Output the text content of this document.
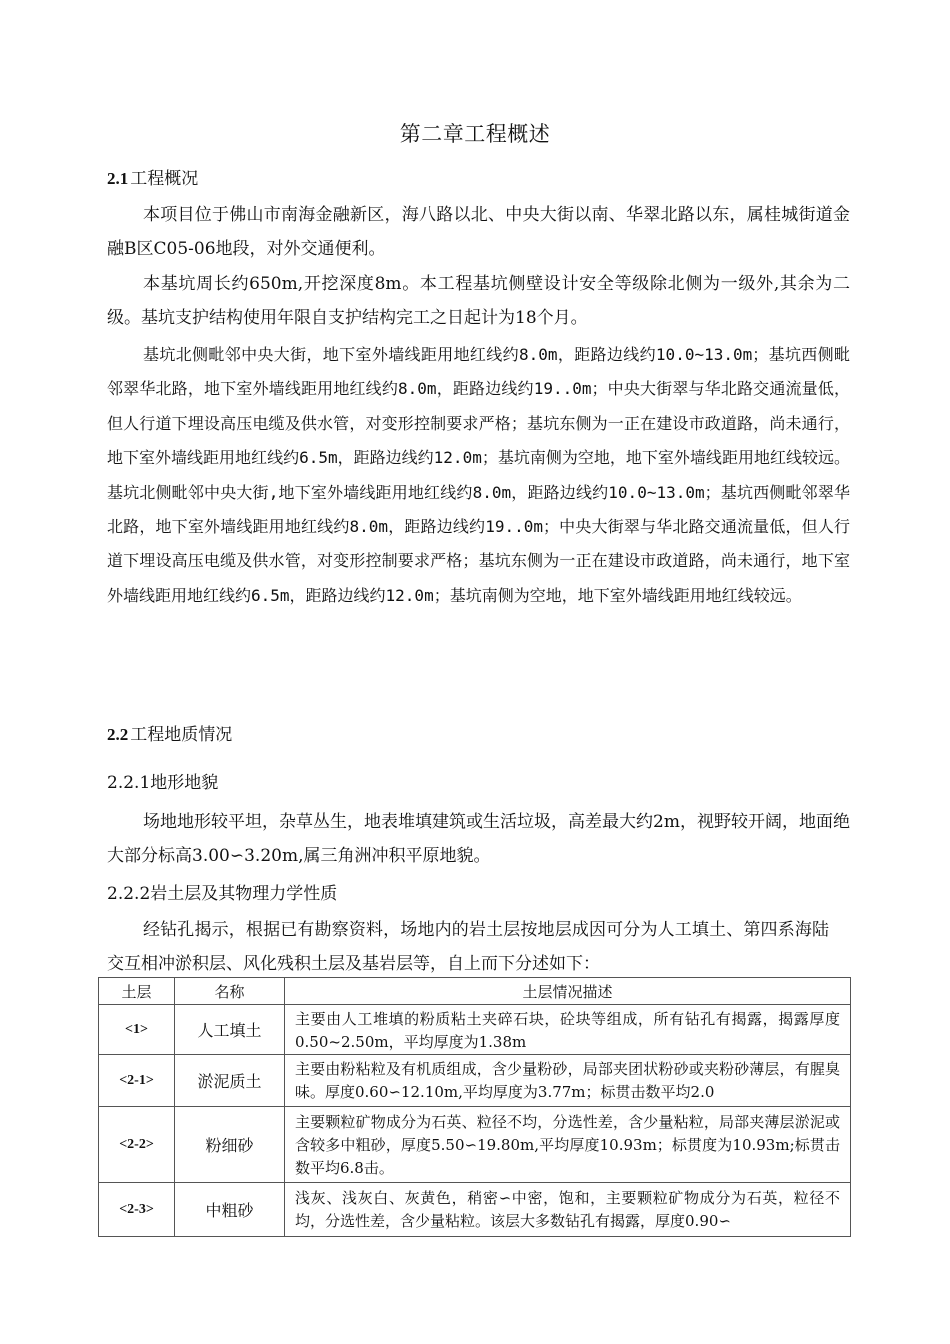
第二章工程概述
2.1 工程概况
本项目位于佛山市南海金融新区，海八路以北、中央大街以南、华翠北路以东，属桂城街道金融B区C05-06地段，对外交通便利。
本基坑周长约650m,开挖深度8m。本工程基坑侧壁设计安全等级除北侧为一级外,其余为二级。基坑支护结构使用年限自支护结构完工之日起计为18个月。
基坑北侧毗邻中央大街，地下室外墙线距用地红线约8.0m，距路边线约10.0~13.0m；基坑西侧毗邻翠华北路，地下室外墙线距用地红线约8.0m，距路边线约19..0m；中央大街翠与华北路交通流量低，但人行道下埋设高压电缆及供水管，对变形控制要求严格；基坑东侧为一正在建设市政道路，尚未通行，地下室外墙线距用地红线约6.5m，距路边线约12.0m；基坑南侧为空地，地下室外墙线距用地红线较远。基坑北侧毗邻中央大街,地下室外墙线距用地红线约8.0m，距路边线约10.0~13.0m；基坑西侧毗邻翠华北路，地下室外墙线距用地红线约8.0m，距路边线约19..0m；中央大街翠与华北路交通流量低，但人行道下埋设高压电缆及供水管，对变形控制要求严格；基坑东侧为一正在建设市政道路，尚未通行，地下室外墙线距用地红线约6.5m，距路边线约12.0m；基坑南侧为空地，地下室外墙线距用地红线较远。
2.2 工程地质情况
2.2.1地形地貌
场地地形较平坦，杂草丛生，地表堆填建筑或生活垃圾，高差最大约2m，视野较开阔，地面绝大部分标高3.00∽3.20m,属三角洲冲积平原地貌。
2.2.2岩土层及其物理力学性质
经钻孔揭示，根据已有勘察资料，场地内的岩土层按地层成因可分为人工填土、第四系海陆交互相冲淤积层、风化残积土层及基岩层等，自上而下分述如下：
土层	名称	土层情况描述
<1>	人工填土	主要由人工堆填的粉质粘土夹碎石块，砼块等组成，所有钻孔有揭露，揭露厚度0.50~2.50m，平均厚度为1.38m

<2-1>	淤泥质土	主要由粉粘粒及有机质组成，含少量粉砂，局部夹团状粉砂或夹粉砂薄层，有腥臭味。厚度0.60∽12.10m,平均厚度为3.77m；标贯击数平均2.0

<2-2>	粉细砂	主要颗粒矿物成分为石英、粒径不均，分选性差，含少量粘粒，局部夹薄层淤泥或含较多中粗砂，厚度5.50∽19.80m,平均厚度10.93m；标贯度为10.93m;标贯击数平均6.8击。

<2-3>	中粗砂	浅灰、浅灰白、灰黄色，稍密∽中密，饱和，主要颗粒矿物成分为石英，粒径不均，分选性差，含少量粘粒。该层大多数钻孔有揭露，厚度0.90∽
